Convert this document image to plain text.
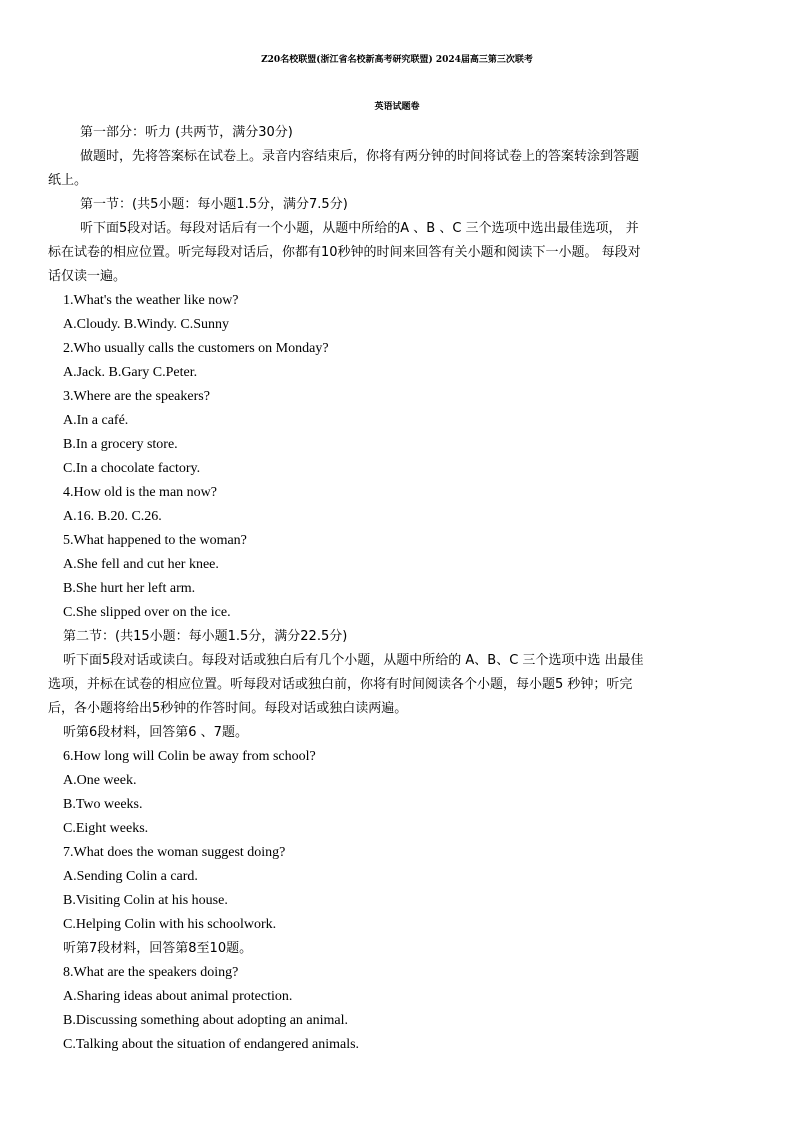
Z20名校联盟(浙江省名校新高考研究联盟) 2024届高三第三次联考
英语试题卷
第一部分：听力 (共两节，满分30分)
做题时，先将答案标在试卷上。录音内容结束后，你将有两分钟的时间将试卷上的答案转涂到答题
纸上。
第一节：(共5小题：每小题1.5分，满分7.5分)
听下面5段对话。每段对话后有一个小题，从题中所给的A 、B 、C 三个选项中选出最佳选项， 并
标在试卷的相应位置。听完每段对话后，你都有10秒钟的时间来回答有关小题和阅读下一小题。 每段对
话仅读一遍。
1.What's the weather like now?
A.Cloudy. B.Windy. C.Sunny
2.Who usually calls the customers on Monday?
A.Jack. B.Gary C.Peter.
3.Where are the speakers?
A.In a café.
B.In a grocery store.
C.In a chocolate factory.
4.How old is the man now?
A.16. B.20. C.26.
5.What happened to the woman?
A.She fell and cut her knee.
B.She hurt her left arm.
C.She slipped over on the ice.
第二节：(共15小题：每小题1.5分，满分22.5分)
听下面5段对话或读白。每段对话或独白后有几个小题，从题中所给的 A、B、C 三个选项中选 出最佳
选项，并标在试卷的相应位置。听每段对话或独白前，你将有时间阅读各个小题，每小题5 秒钟；听完
后，各小题将给出5秒钟的作答时间。每段对话或独白读两遍。
听第6段材料，回答第6 、7题。
6.How long will Colin be away from school?
A.One week.
B.Two weeks.
C.Eight weeks.
7.What does the woman suggest doing?
A.Sending Colin a card.
B.Visiting Colin at his house.
C.Helping Colin with his schoolwork.
听第7段材料，回答第8至10题。
8.What are the speakers doing?
A.Sharing ideas about animal protection.
B.Discussing something about adopting an animal.
C.Talking about the situation of endangered animals.
